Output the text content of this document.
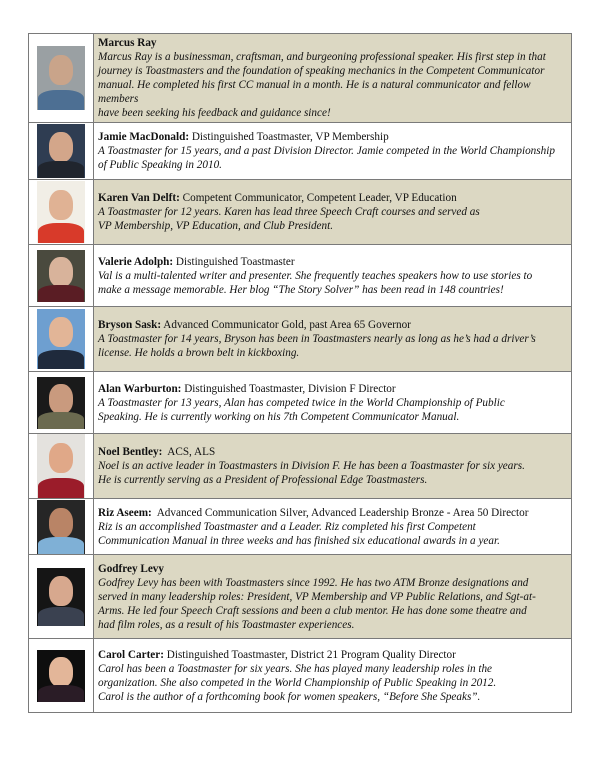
	Marcus Ray
Marcus Ray is a businessman, craftsman, and burgeoning professional speaker. His first step in that
journey is Toastmasters and the foundation of speaking mechanics in the Competent Communicator
manual. He completed his first CC manual in a month. He is a natural communicator and fellow members
have been seeking his feedback and guidance since!

	Jamie MacDonald: Distinguished Toastmaster, VP Membership
A Toastmaster for 15 years, and a past Division Director. Jamie competed in the World Championship
of Public Speaking in 2010.

	Karen Van Delft: Competent Communicator, Competent Leader, VP Education
A Toastmaster for 12 years. Karen has lead three Speech Craft courses and served as
VP Membership, VP Education, and Club President.

	Valerie Adolph: Distinguished Toastmaster
Val is a multi-talented writer and presenter. She frequently teaches speakers how to use stories to
make a message memorable. Her blog “The Story Solver” has been read in 148 countries!

	Bryson Sask: Advanced Communicator Gold, past Area 65 Governor
A Toastmaster for 14 years, Bryson has been in Toastmasters nearly as long as he’s had a driver’s
license. He holds a brown belt in kickboxing.

	Alan Warburton: Distinguished Toastmaster, Division F Director
A Toastmaster for 13 years, Alan has competed twice in the World Championship of Public
Speaking. He is currently working on his 7th Competent Communicator Manual.

	Noel Bentley:  ACS, ALS
Noel is an active leader in Toastmasters in Division F. He has been a Toastmaster for six years.
He is currently serving as a President of Professional Edge Toastmasters.

	Riz Aseem:  Advanced Communication Silver, Advanced Leadership Bronze - Area 50 Director
Riz is an accomplished Toastmaster and a Leader. Riz completed his first Competent
Communication Manual in three weeks and has finished six educational awards in a year.

	Godfrey Levy
Godfrey Levy has been with Toastmasters since 1992. He has two ATM Bronze designations and
served in many leadership roles: President, VP Membership and VP Public Relations, and Sgt-at-
Arms. He led four Speech Craft sessions and been a club mentor. He has done some theatre and
had film roles, as a result of his Toastmaster experiences.

	Carol Carter: Distinguished Toastmaster, District 21 Program Quality Director
Carol has been a Toastmaster for six years. She has played many leadership roles in the
organization. She also competed in the World Championship of Public Speaking in 2012.
Carol is the author of a forthcoming book for women speakers, “Before She Speaks”.
